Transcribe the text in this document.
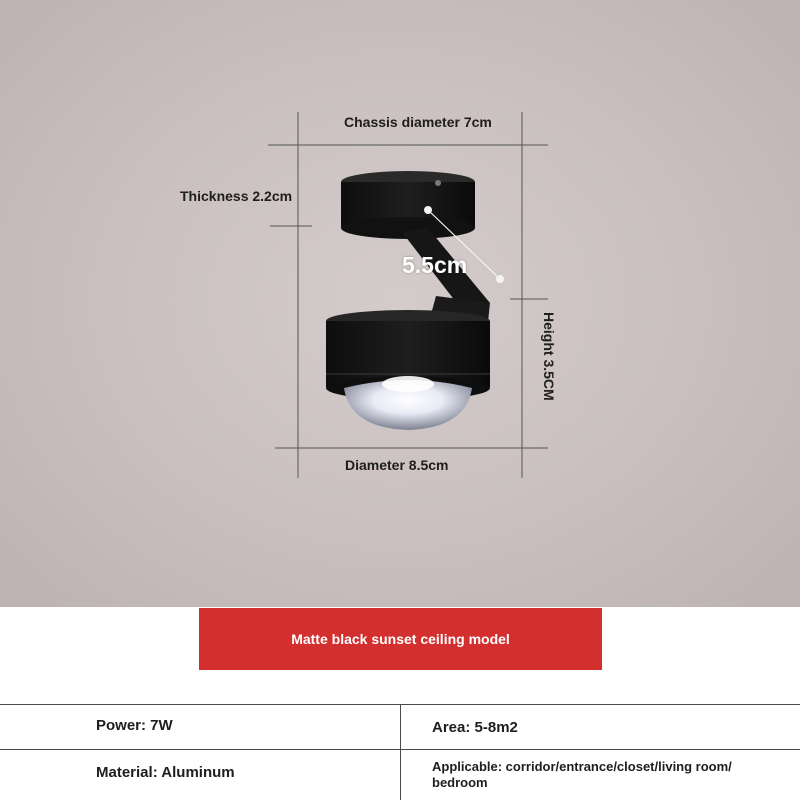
Chassis diameter 7cm
Thickness 2.2cm
5.5cm
Height 3.5CM
Diameter 8.5cm
Matte black sunset ceiling model
Power: 7W	Area: 5-8m2
Material: Aluminum	Applicable: corridor/entrance/closet/living room/ bedroom
